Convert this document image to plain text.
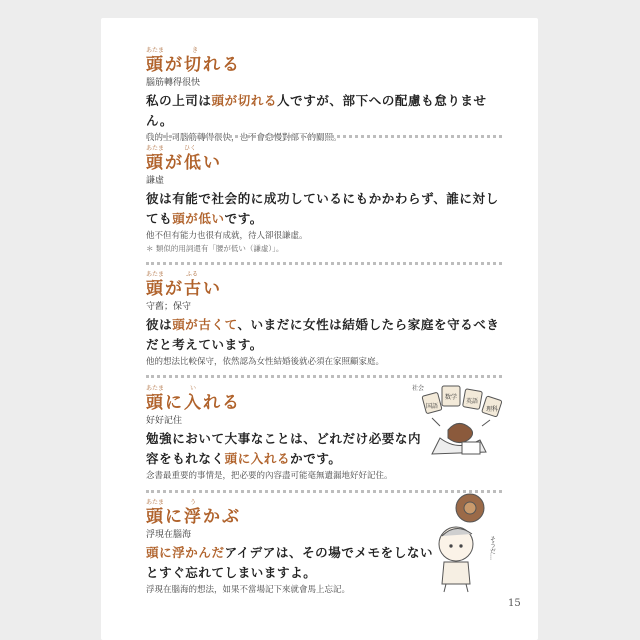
あたま	き
頭が切れる
腦筋轉得很快
私の上司は頭が切れる人ですが、部下への配慮も怠りません。
我的上司腦筋轉得很快，也不會怠慢對部下的關照。
あたま	ひく
頭が低い
謙虛
彼は有能で社会的に成功しているにもかかわらず、誰に対しても頭が低いです。
他不但有能力也很有成就，待人卻很謙虛。
＊ 類似的用詞還有「腰が低い（謙虛）」。
あたま	ふる
頭が古い
守舊；保守
彼は頭が古くて、いまだに女性は結婚したら家庭を守るべきだと考えています。
他的想法比較保守，依然認為女性結婚後就必須在家照顧家庭。
あたま	い
頭に入れる
好好記住
勉強において大事なことは、どれだけ必要な内容をもれなく頭に入れるかです。
念書最重要的事情是，把必要的內容盡可能毫無遺漏地好好記住。
あたま	う
頭に浮かぶ
浮現在腦海
頭に浮かんだアイデアは、その場でメモをしないとすぐ忘れてしまいますよ。
浮現在腦海的想法，如果不當場記下來就會馬上忘記。
国語
数学
英語
理科
社会
そうだ…
15
